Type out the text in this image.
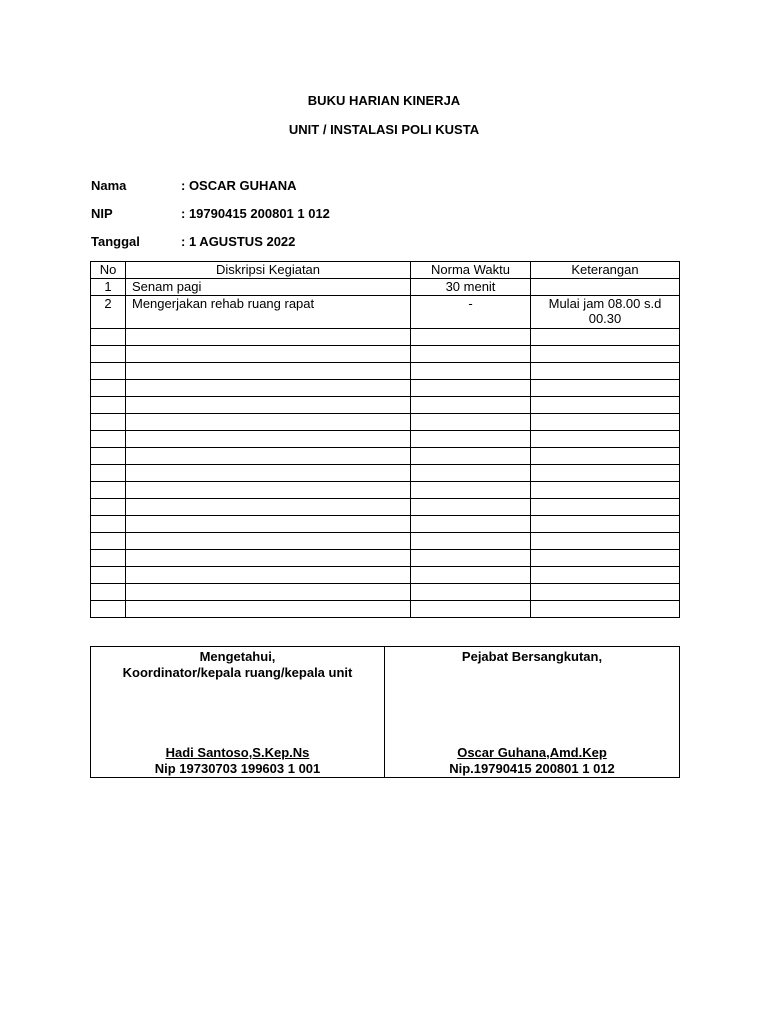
BUKU HARIAN KINERJA
UNIT / INSTALASI POLI KUSTA
Nama	: OSCAR GUHANA
NIP	: 19790415 200801 1 012
Tanggal	: 1 AGUSTUS 2022
No	Diskripsi Kegiatan	Norma Waktu	Keterangan
1	Senam pagi	30 menit	
2	Mengerjakan rehab ruang rapat	-	Mulai jam 08.00 s.d 00.30

Mengetahui,
Koordinator/kepala ruang/kepala unit
Hadi Santoso,S.Kep.Ns
Nip 19730703 199603 1 001

Pejabat Bersangkutan,
Oscar Guhana,Amd.Kep
Nip.19790415 200801 1 012
